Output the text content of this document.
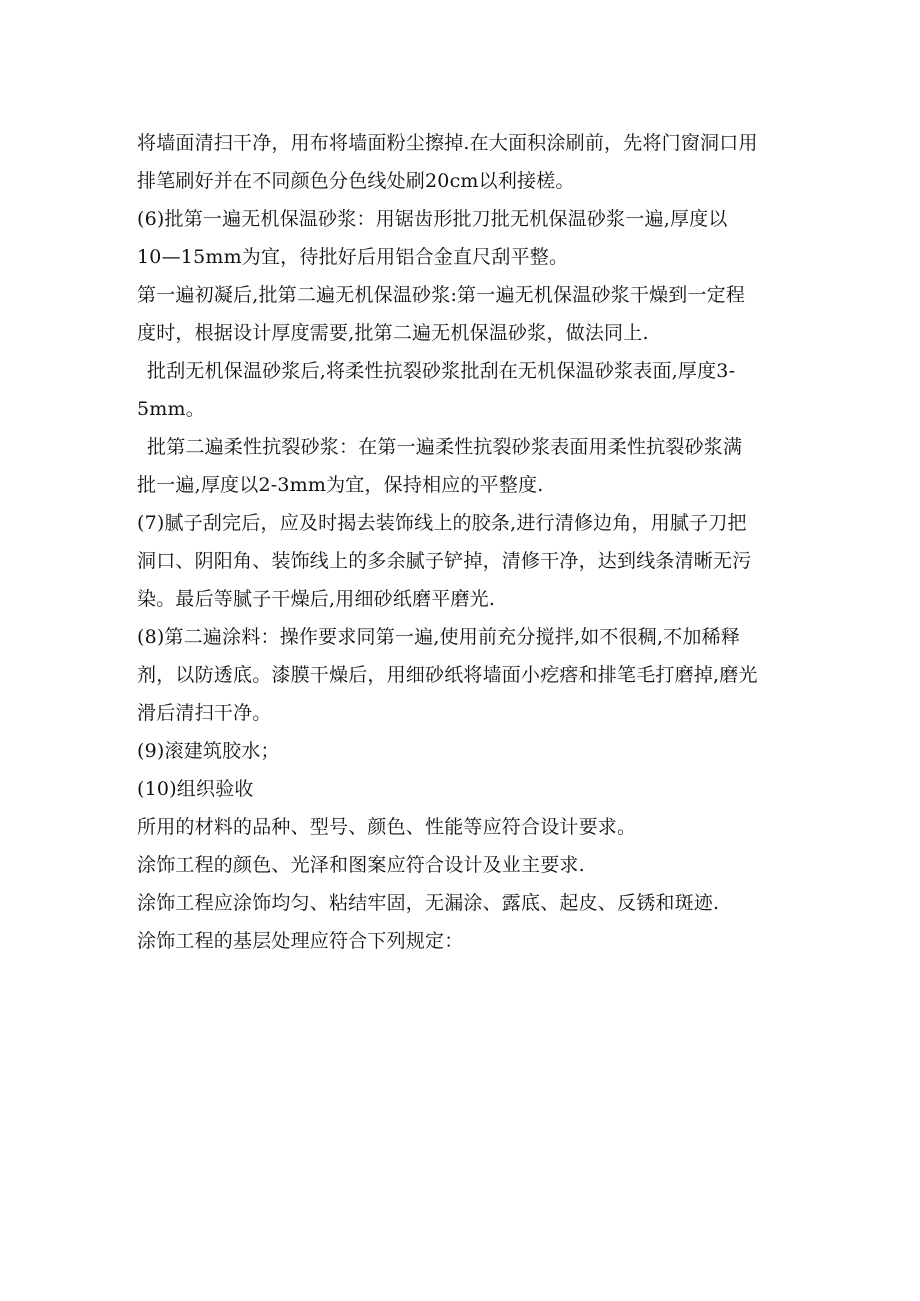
将墙面清扫干净，用布将墙面粉尘擦掉.在大面积涂刷前，先将门窗洞口用

排笔刷好并在不同颜色分色线处刷20cm以利接槎。

(6)批第一遍无机保温砂浆：用锯齿形批刀批无机保温砂浆一遍,厚度以

10—15mm为宜，待批好后用铝合金直尺刮平整。

第一遍初凝后,批第二遍无机保温砂浆:第一遍无机保温砂浆干燥到一定程

度时，根据设计厚度需要,批第二遍无机保温砂浆，做法同上.

批刮无机保温砂浆后,将柔性抗裂砂浆批刮在无机保温砂浆表面,厚度3-

5mm。

批第二遍柔性抗裂砂浆：在第一遍柔性抗裂砂浆表面用柔性抗裂砂浆满

批一遍,厚度以2-3mm为宜，保持相应的平整度.

(7)腻子刮完后，应及时揭去装饰线上的胶条,进行清修边角，用腻子刀把

洞口、阴阳角、装饰线上的多余腻子铲掉，清修干净，达到线条清晰无污

染。最后等腻子干燥后,用细砂纸磨平磨光.

(8)第二遍涂料：操作要求同第一遍,使用前充分搅拌,如不很稠,不加稀释

剂，以防透底。漆膜干燥后，用细砂纸将墙面小疙瘩和排笔毛打磨掉,磨光

滑后清扫干净。

(9)滚建筑胶水；

(10)组织验收

所用的材料的品种、型号、颜色、性能等应符合设计要求。

涂饰工程的颜色、光泽和图案应符合设计及业主要求.

涂饰工程应涂饰均匀、粘结牢固，无漏涂、露底、起皮、反锈和斑迹.

涂饰工程的基层处理应符合下列规定：
